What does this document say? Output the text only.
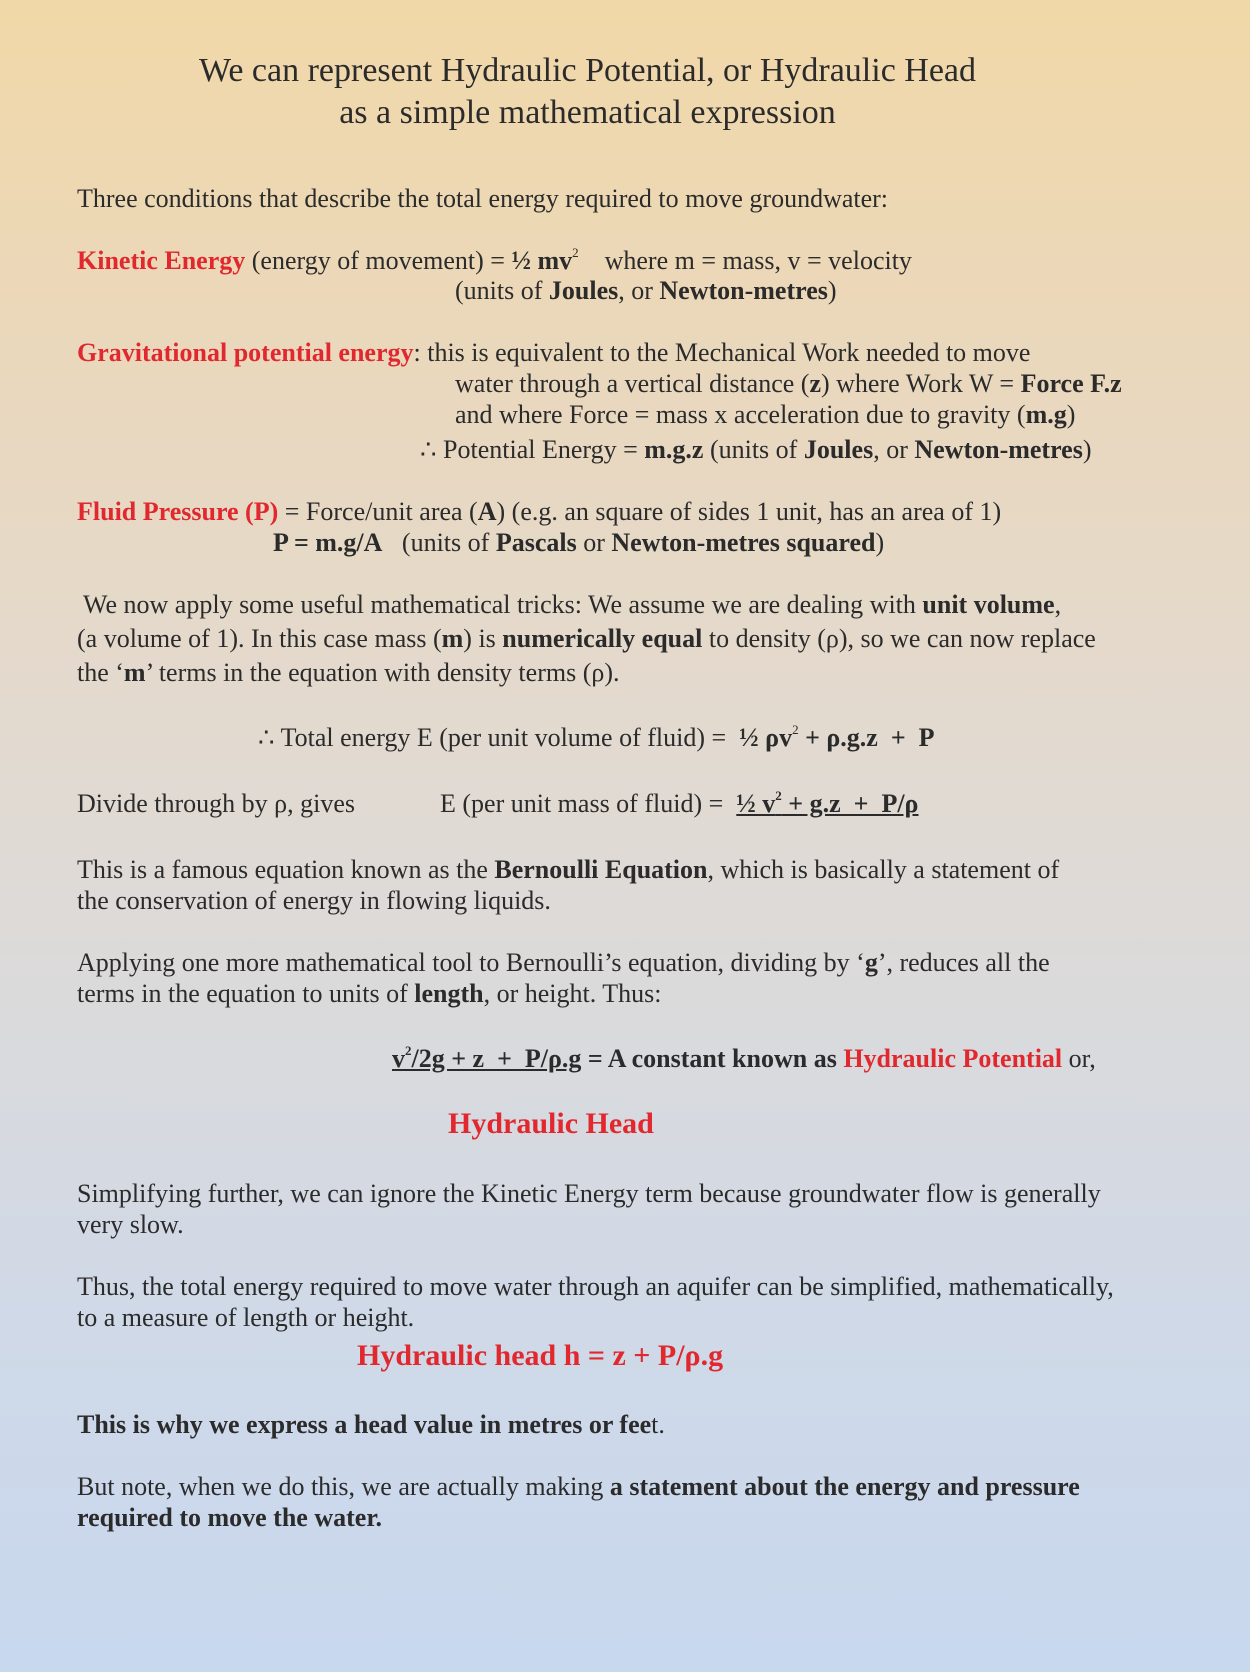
We can represent Hydraulic Potential, or Hydraulic Head
as a simple mathematical expression
Three conditions that describe the total energy required to move groundwater:
Kinetic Energy (energy of movement) = ½ $mv^2$    where m = mass, v = velocity
(units of Joules, or Newton-metres)
Gravitational potential energy: this is equivalent to the Mechanical Work needed to move
water through a vertical distance (z) where Work W = Force F.z
and where Force = mass x acceleration due to gravity (m.g)
∴ Potential Energy = m.g.z (units of Joules, or Newton-metres)
Fluid Pressure (P) = Force/unit area (A) (e.g. an square of sides 1 unit, has an area of 1)
P = m.g/A   (units of Pascals or Newton-metres squared)
We now apply some useful mathematical tricks: We assume we are dealing with unit volume,
(a volume of 1). In this case mass (m) is numerically equal to density (ρ), so we can now replace
the ‘m’ terms in the equation with density terms (ρ).
∴ Total energy E (per unit volume of fluid) =  ½ $\rho v^2 + \rho.g.z + P$
Divide through by ρ, gives	E (per unit mass of fluid) =  ½ $v^2 + g.z + P/\rho$
This is a famous equation known as the Bernoulli Equation, which is basically a statement of
the conservation of energy in flowing liquids.
Applying one more mathematical tool to Bernoulli’s equation, dividing by ‘g’, reduces all the
terms in the equation to units of length, or height. Thus:
$v^2/2g + z + P/\rho.g = A$ constant known as Hydraulic Potential or,
Hydraulic Head
Simplifying further, we can ignore the Kinetic Energy term because groundwater flow is generally
very slow.
Thus, the total energy required to move water through an aquifer can be simplified, mathematically,
to a measure of length or height.
Hydraulic head h = z + P/ρ.g
This is why we express a head value in metres or feet.
But note, when we do this, we are actually making a statement about the energy and pressure
required to move the water.
